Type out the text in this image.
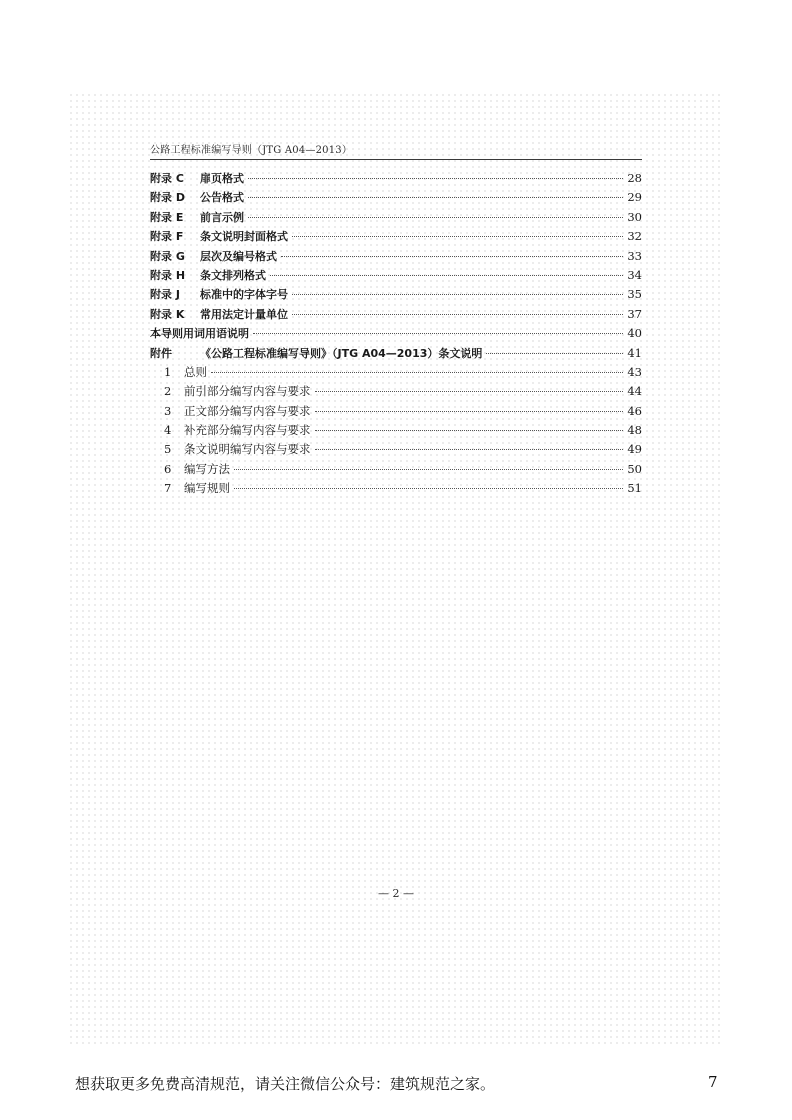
公路工程标准编写导则（JTG A04—2013）
附录 C 扉页格式	28
附录 D 公告格式	29
附录 E 前言示例	30
附录 F 条文说明封面格式	32
附录 G 层次及编号格式	33
附录 H 条文排列格式	34
附录 J 标准中的字体字号	35
附录 K 常用法定计量单位	37
本导则用词用语说明	40
附件	《公路工程标准编写导则》（JTG A04—2013）条文说明	41
1 总则	43
2 前引部分编写内容与要求	44
3 正文部分编写内容与要求	46
4 补充部分编写内容与要求	48
5 条文说明编写内容与要求	49
6 编写方法	50
7 编写规则	51
— 2 —
想获取更多免费高清规范，请关注微信公众号：建筑规范之家。	7
